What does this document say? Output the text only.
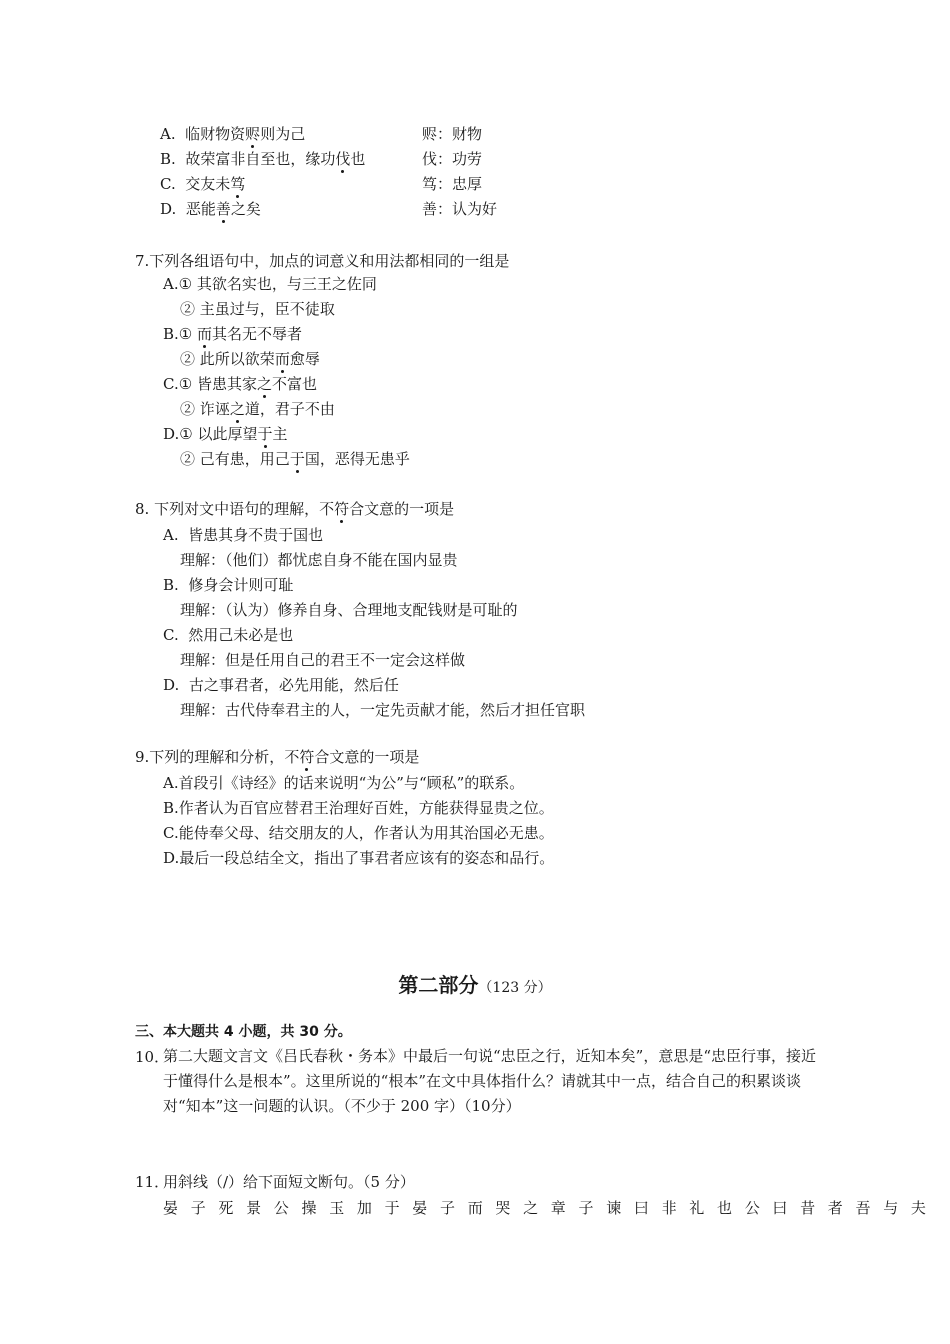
A. 临财物资赆则为己	赆：财物
B. 故荣富非自至也，缘功伐也	伐：功劳
C. 交友未笃	笃：忠厚
D. 恶能善之矣	善：认为好
7.下列各组语句中，加点的词意义和用法都相同的一组是
A.① 其欲名实也，与三王之佐同
② 主虽过与，臣不徒取
B.① 而其名无不辱者
② 此所以欲荣而愈辱
C.① 皆患其家之不富也
② 诈诬之道，君子不由
D.① 以此厚望于主
② 己有患，用己于国，恶得无患乎
8. 下列对文中语句的理解，不符合文意的一项是
A. 皆患其身不贵于国也
理解：（他们）都忧虑自身不能在国内显贵
B. 修身会计则可耻
理解：（认为）修养自身、合理地支配钱财是可耻的
C. 然用己未必是也
理解：但是任用自己的君王不一定会这样做
D. 古之事君者，必先用能，然后任
理解：古代侍奉君主的人，一定先贡献才能，然后才担任官职
9.下列的理解和分析，不符合文意的一项是
A.首段引《诗经》的话来说明“为公”与“顾私”的联系。
B.作者认为百官应替君王治理好百姓，方能获得显贵之位。
C.能侍奉父母、结交朋友的人，作者认为用其治国必无患。
D.最后一段总结全文，指出了事君者应该有的姿态和品行。
第二部分（123 分）
三、本大题共 4 小题，共 30 分。
10．
第二大题文言文《吕氏春秋・务本》中最后一句说“忠臣之行，近知本矣”，意思是“忠臣行事，接近于懂得什么是根本”。这里所说的“根本”在文中具体指什么？请就其中一点，结合自己的积累谈谈对“知本”这一问题的认识。（不少于 200 字）（10分）
11．
用斜线（/）给下面短文断句。（5 分）
晏子死景公操玉加于晏子而哭之章子谏曰非礼也公曰昔者吾与夫
